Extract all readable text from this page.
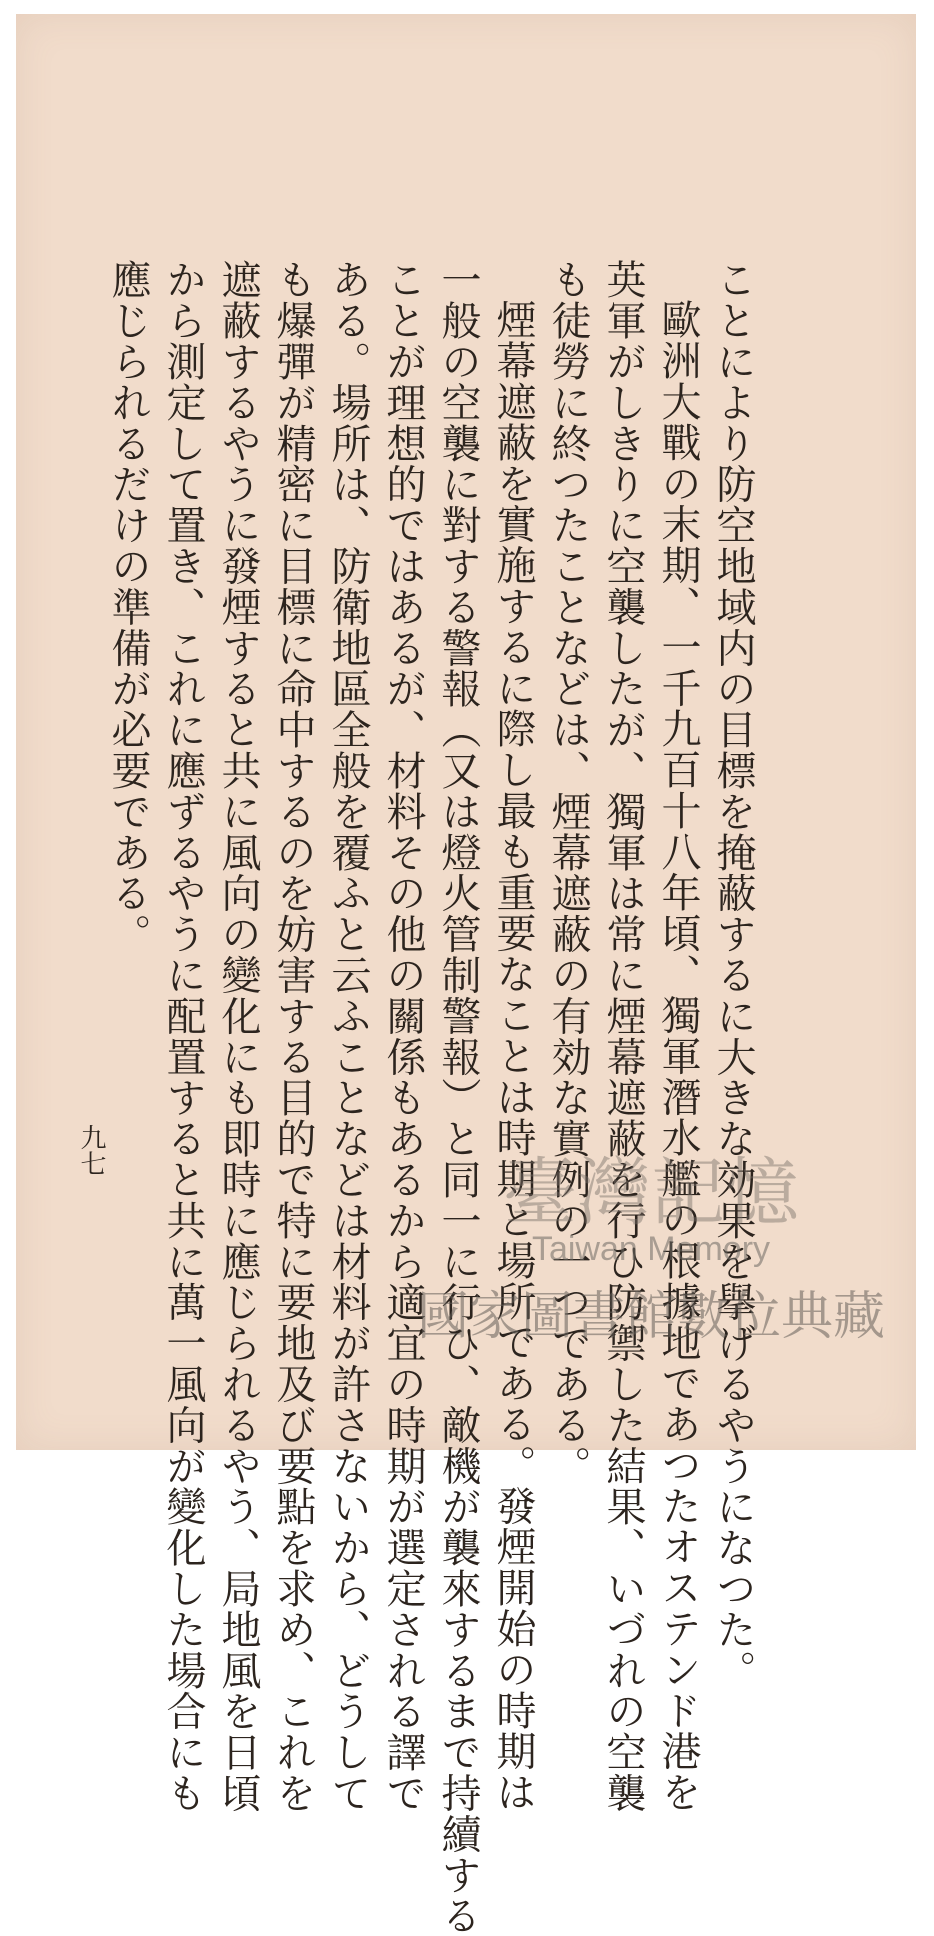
ことにより防空地域内の目標を掩蔽するに大きな効果を擧げるやうになつた。

歐洲大戰の末期、一千九百十八年頃、獨軍潛水艦の根據地であつたオステンド港を

英軍がしきりに空襲したが、獨軍は常に煙幕遮蔽を行ひ防禦した結果、いづれの空襲

も徒勞に終つたことなどは、煙幕遮蔽の有効な實例の一つである。

煙幕遮蔽を實施するに際し最も重要なことは時期と場所である。發煙開始の時期は

一般の空襲に對する警報（又は燈火管制警報）と同一に行ひ、敵機が襲來するまで持續する

ことが理想的ではあるが、材料その他の關係もあるから適宜の時期が選定される譯で

ある。場所は、防衛地區全般を覆ふと云ふことなどは材料が許さないから、どうして

も爆彈が精密に目標に命中するのを妨害する目的で特に要地及び要點を求め、これを

遮蔽するやうに發煙すると共に風向の變化にも即時に應じられるやう、局地風を日頃

から測定して置き、これに應ずるやうに配置すると共に萬一風向が變化した場合にも

應じられるだけの準備が必要である。

九七	臺灣記憶
Taiwan Memory
國家圖書館數位典藏
